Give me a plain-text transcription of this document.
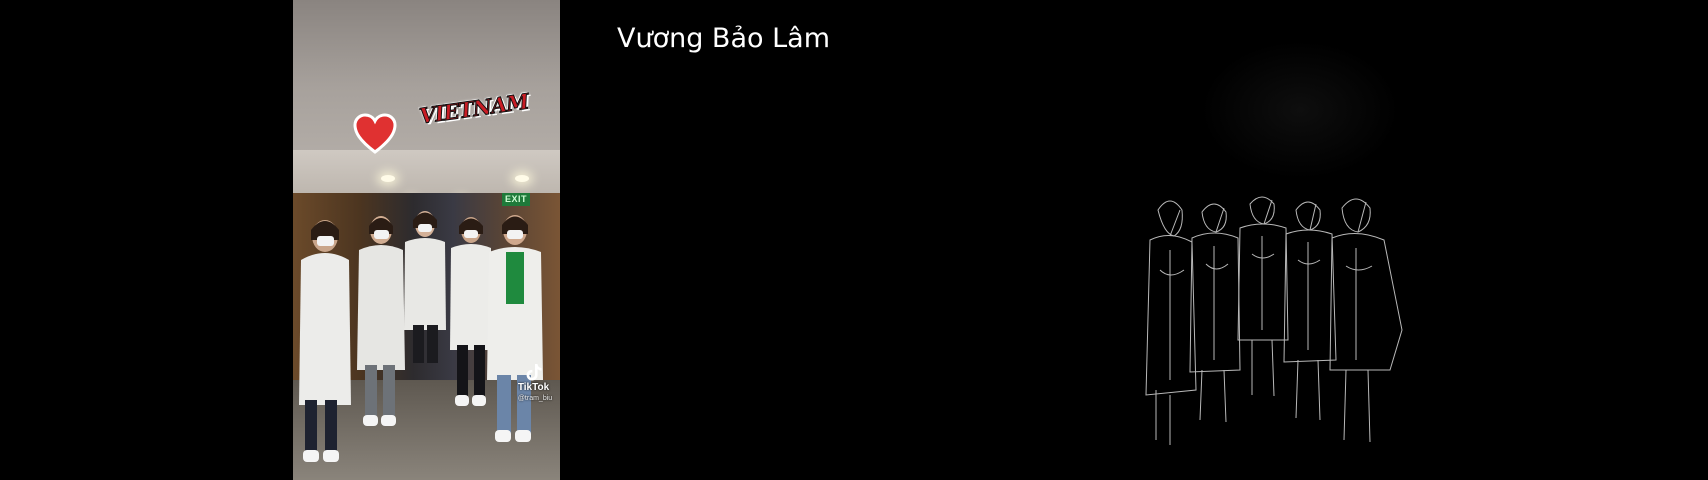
EXIT
VIETNAM
TikTok
@tram_biu
Vương Bảo Lâm
